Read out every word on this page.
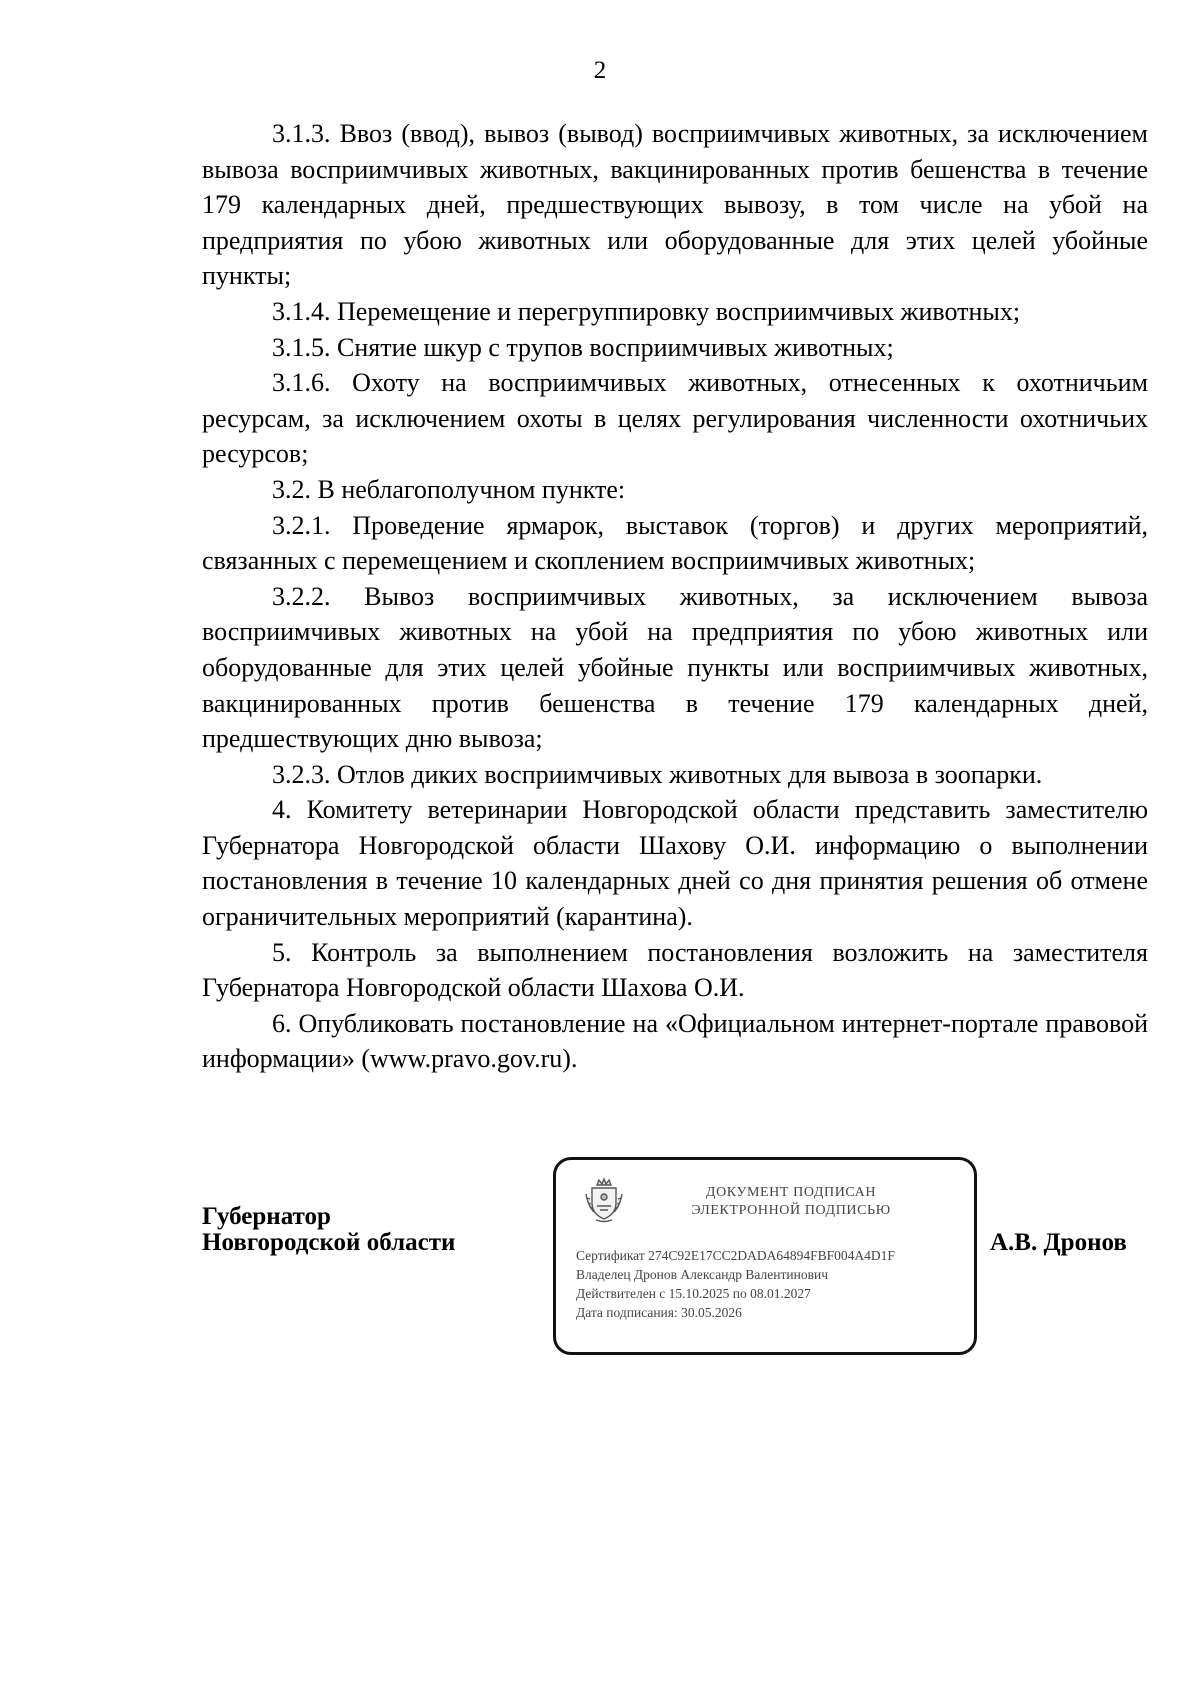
2

3.1.3. Ввоз (ввод), вывоз (вывод) восприимчивых животных, за исключением вывоза восприимчивых животных, вакцинированных против бешенства в течение 179 календарных дней, предшествующих вывозу, в том числе на убой на предприятия по убою животных или оборудованные для этих целей убойные пункты;

3.1.4. Перемещение и перегруппировку восприимчивых животных;

3.1.5. Снятие шкур с трупов восприимчивых животных;

3.1.6. Охоту на восприимчивых животных, отнесенных к охотничьим ресурсам, за исключением охоты в целях регулирования численности охотничьих ресурсов;

3.2. В неблагополучном пункте:

3.2.1. Проведение ярмарок, выставок (торгов) и других мероприятий, связанных с перемещением и скоплением восприимчивых животных;

3.2.2. Вывоз восприимчивых животных, за исключением вывоза восприимчивых животных на убой на предприятия по убою животных или оборудованные для этих целей убойные пункты или восприимчивых животных, вакцинированных против бешенства в течение 179 календарных дней, предшествующих дню вывоза;

3.2.3. Отлов диких восприимчивых животных для вывоза в зоопарки.

4. Комитету ветеринарии Новгородской области представить заместителю Губернатора Новгородской области Шахову О.И. информацию о выполнении постановления в течение 10 календарных дней со дня принятия решения об отмене ограничительных мероприятий (карантина).

5. Контроль за выполнением постановления возложить на заместителя Губернатора Новгородской области Шахова О.И.

6. Опубликовать постановление на «Официальном интернет-портале правовой информации» (www.pravo.gov.ru).

Губернатор
Новгородской области
ДОКУМЕНТ ПОДПИСАН
ЭЛЕКТРОННОЙ ПОДПИСЬЮ
Сертификат 274C92E17CC2DADA64894FBF004A4D1F
Владелец Дронов Александр Валентинович
Действителен с 15.10.2025 по 08.01.2027
Дата подписания: 30.05.2026
А.В. Дронов
